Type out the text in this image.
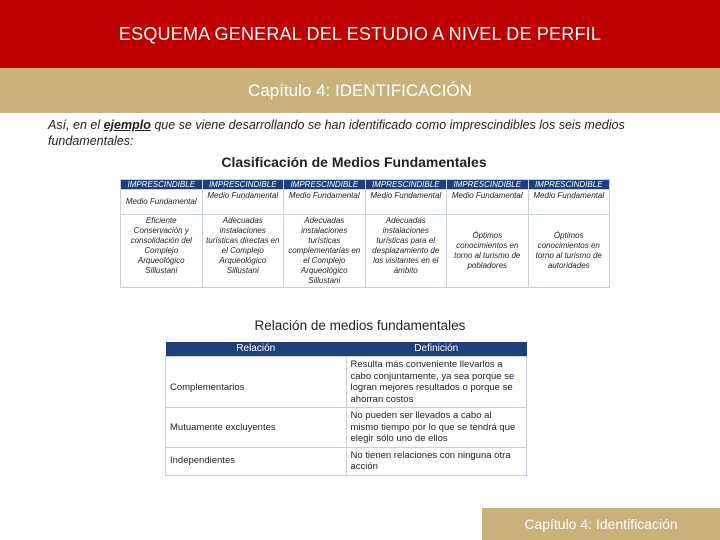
ESQUEMA GENERAL DEL ESTUDIO A NIVEL DE PERFIL
Capítulo 4: IDENTIFICACIÓN
Así, en el ejemplo que se viene desarrollando se han identificado como imprescindibles los seis medios fundamentales:
Clasificación de Medios Fundamentales
IMPRESCINDIBLE	IMPRESCINDIBLE	IMPRESCINDIBLE	IMPRESCINDIBLE	IMPRESCINDIBLE	IMPRESCINDIBLE
Medio Fundamental	Medio Fundamental	Medio Fundamental	Medio Fundamental	Medio Fundamental	Medio Fundamental
Eficiente Conservación y consolidación del Complejo Arqueológico Sillustani	Adecuadas instalaciones turísticas directas en el Complejo Arqueológico Sillustani	Adecuadas instalaciones turísticas complementarias en el Complejo Arqueológico Sillustani	Adecuadas instalaciones turísticas para el desplazamiento de los visitantes en el ámbito	Óptimos conocimientos en torno al turismo de pobladores	Óptimos conocimientos en torno al turismo de autoridades
Relación de medios fundamentales
Relación	Definición
Complementarios	Resulta más conveniente llevarlos a cabo conjuntamente, ya sea porque se logran mejores resultados o porque se ahorran costos
Mutuamente excluyentes	No pueden ser llevados a cabo al mismo tiempo por lo que se tendrá que elegir sólo uno de ellos
Independientes	No tienen relaciones con ninguna otra acción
Capítulo 4: Identificación
